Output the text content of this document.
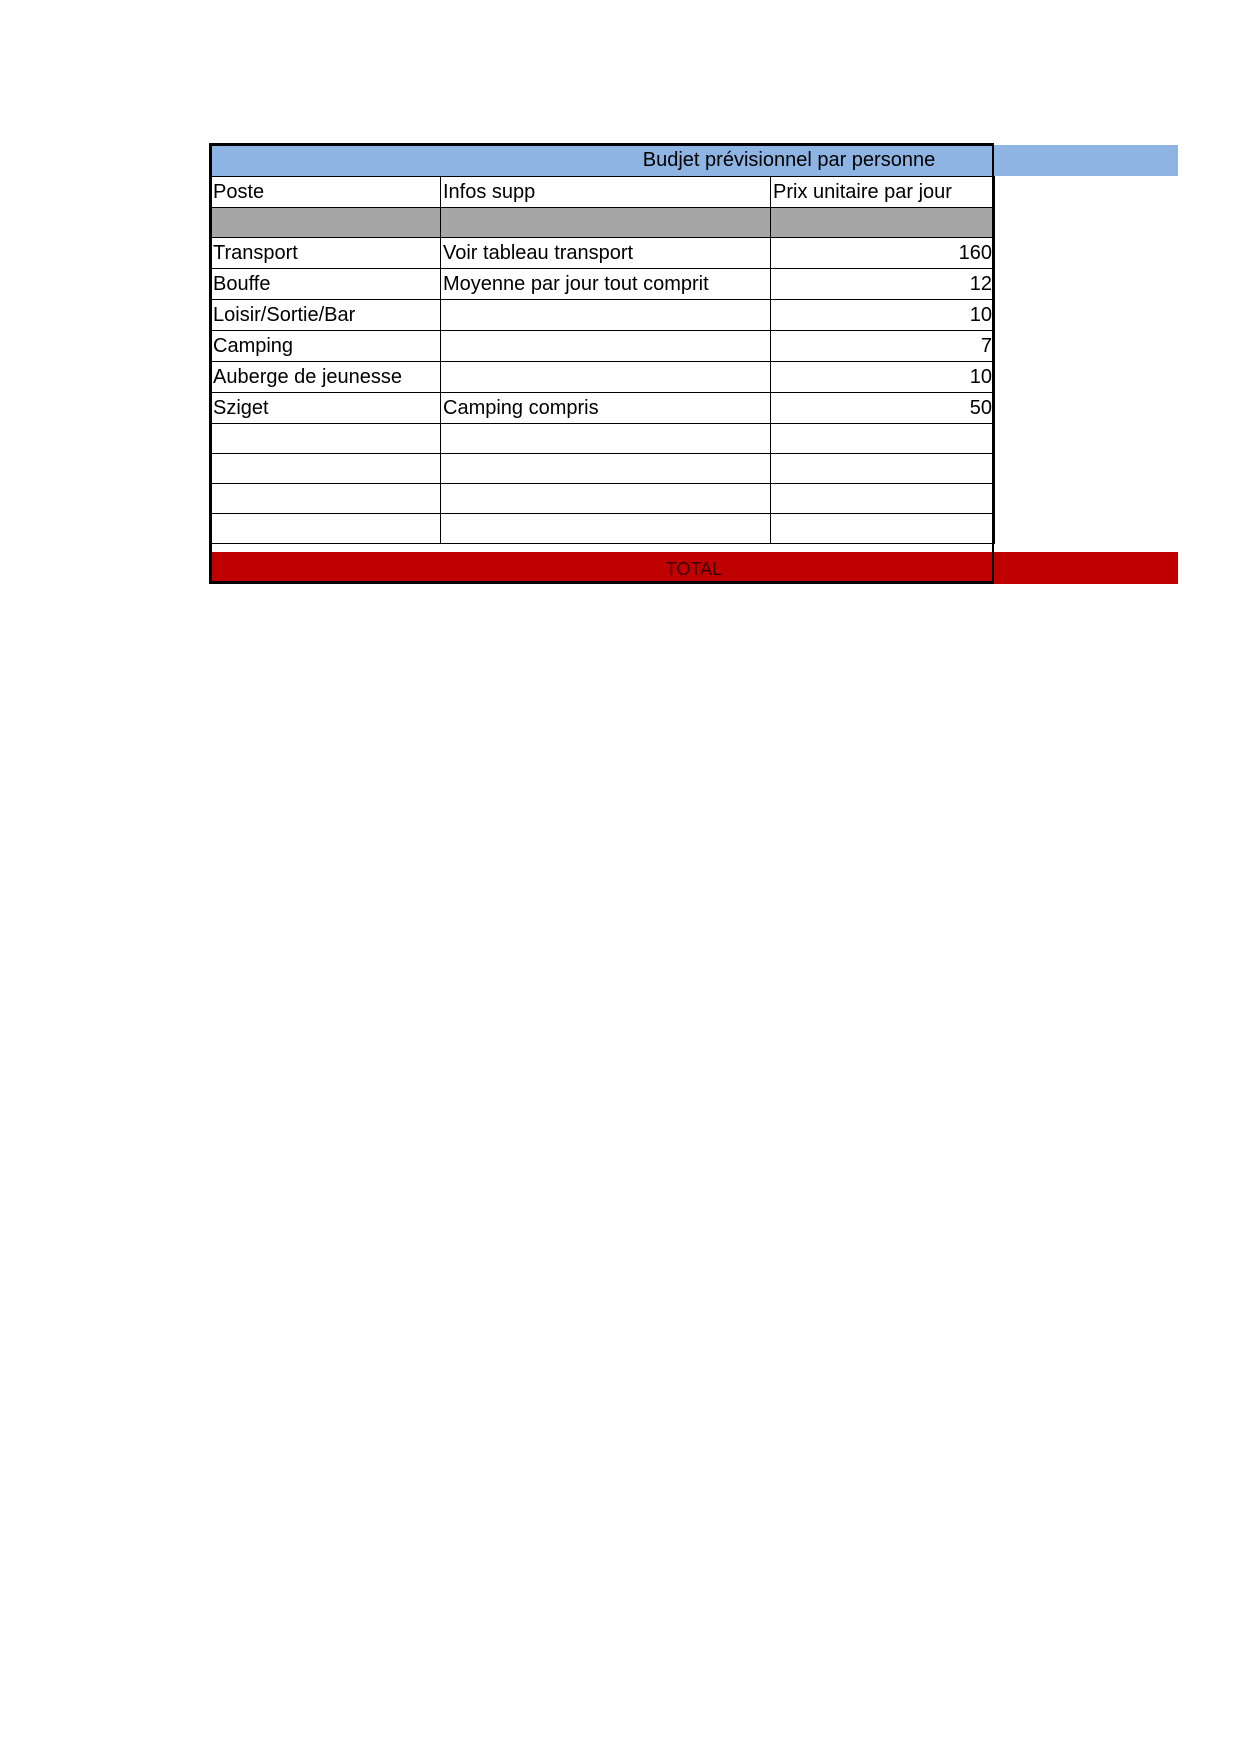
Budjet prévisionnel par personne
Poste	Infos supp	Prix unitaire par jour

Transport	Voir tableau transport	160
Bouffe	Moyenne par jour tout comprit	12
Loisir/Sortie/Bar		10
Camping		7
Auberge de jeunesse		10
Sziget	Camping compris	50

TOTAL
